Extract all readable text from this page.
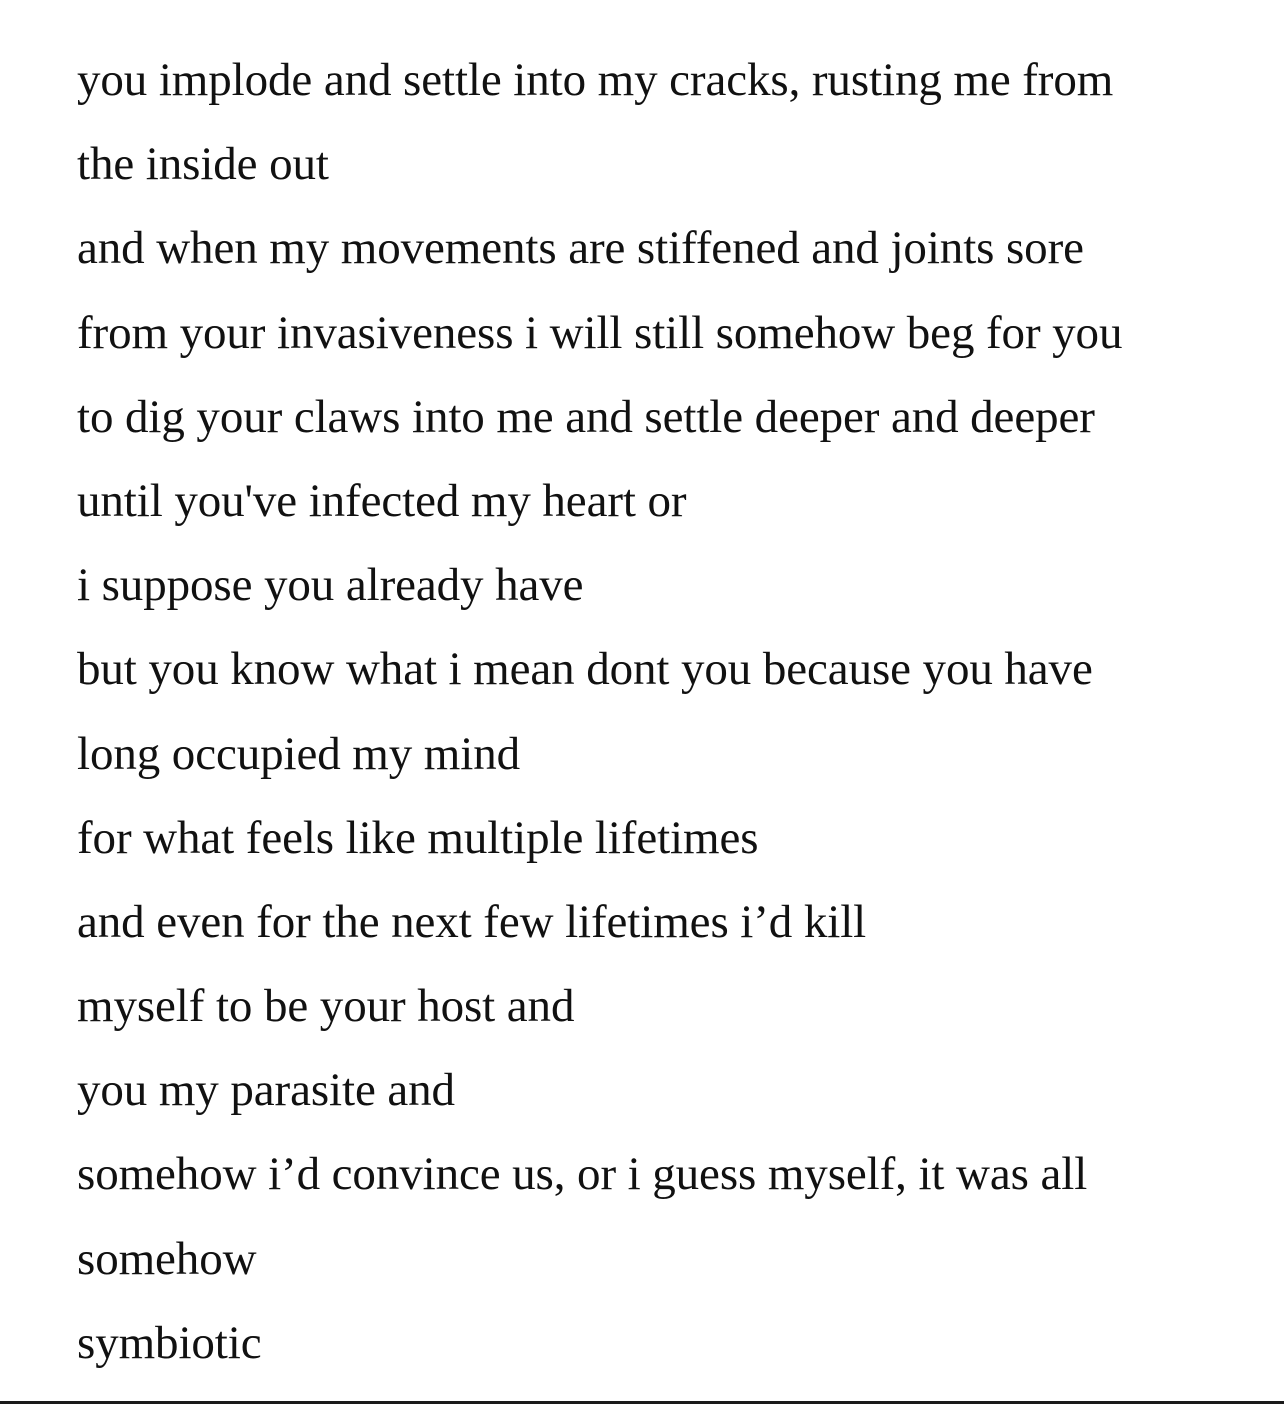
you implode and settle into my cracks, rusting me from
the inside out
and when my movements are stiffened and joints sore
from your invasiveness i will still somehow beg for you
to dig your claws into me and settle deeper and deeper
until you've infected my heart or
i suppose you already have
but you know what i mean dont you because you have
long occupied my mind
for what feels like multiple lifetimes
and even for the next few lifetimes i’d kill
myself to be your host and
you my parasite and
somehow i’d convince us, or i guess myself, it was all
somehow
symbiotic
